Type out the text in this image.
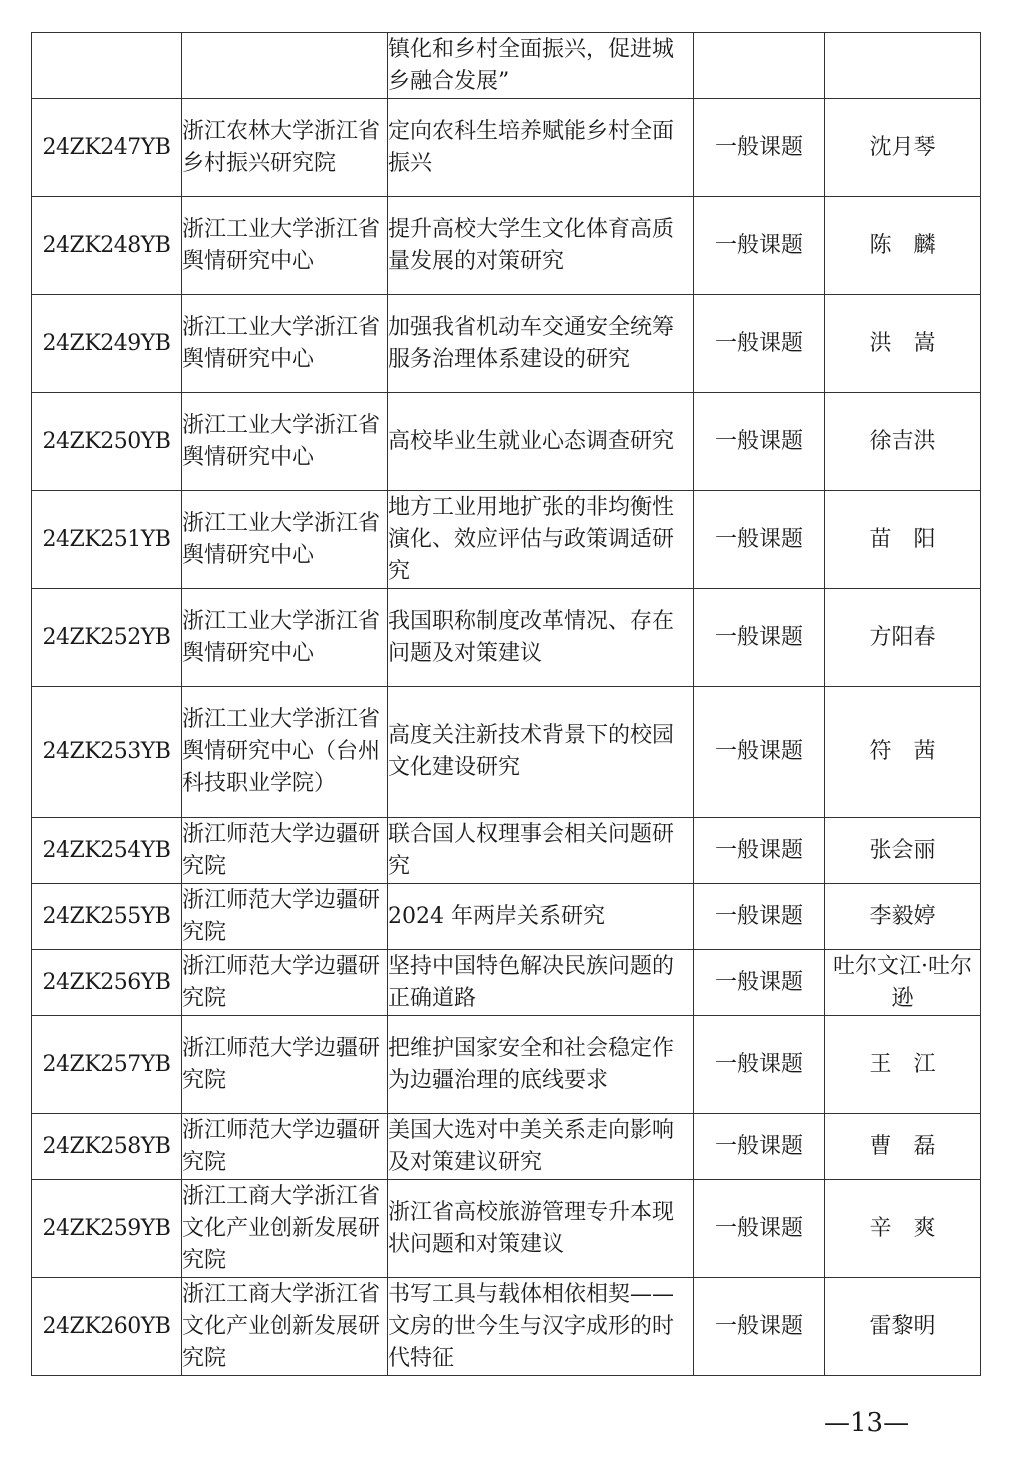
		镇化和乡村全面振兴，促进城乡融合发展”		
24ZK247YB	浙江农林大学浙江省乡村振兴研究院	定向农科生培养赋能乡村全面振兴	一般课题	沈月琴
24ZK248YB	浙江工业大学浙江省舆情研究中心	提升高校大学生文化体育高质量发展的对策研究	一般课题	陈　麟
24ZK249YB	浙江工业大学浙江省舆情研究中心	加强我省机动车交通安全统筹服务治理体系建设的研究	一般课题	洪　嵩
24ZK250YB	浙江工业大学浙江省舆情研究中心	高校毕业生就业心态调查研究	一般课题	徐吉洪
24ZK251YB	浙江工业大学浙江省舆情研究中心	地方工业用地扩张的非均衡性演化、效应评估与政策调适研究	一般课题	苗　阳
24ZK252YB	浙江工业大学浙江省舆情研究中心	我国职称制度改革情况、存在问题及对策建议	一般课题	方阳春
24ZK253YB	浙江工业大学浙江省舆情研究中心（台州科技职业学院）	高度关注新技术背景下的校园文化建设研究	一般课题	符　茜
24ZK254YB	浙江师范大学边疆研究院	联合国人权理事会相关问题研究	一般课题	张会丽
24ZK255YB	浙江师范大学边疆研究院	2024 年两岸关系研究	一般课题	李毅婷
24ZK256YB	浙江师范大学边疆研究院	坚持中国特色解决民族问题的正确道路	一般课题	吐尔文江·吐尔逊
24ZK257YB	浙江师范大学边疆研究院	把维护国家安全和社会稳定作为边疆治理的底线要求	一般课题	王　江
24ZK258YB	浙江师范大学边疆研究院	美国大选对中美关系走向影响及对策建议研究	一般课题	曹　磊
24ZK259YB	浙江工商大学浙江省文化产业创新发展研究院	浙江省高校旅游管理专升本现状问题和对策建议	一般课题	辛　爽
24ZK260YB	浙江工商大学浙江省文化产业创新发展研究院	书写工具与载体相依相契——文房的世今生与汉字成形的时代特征	一般课题	雷黎明
—13—
